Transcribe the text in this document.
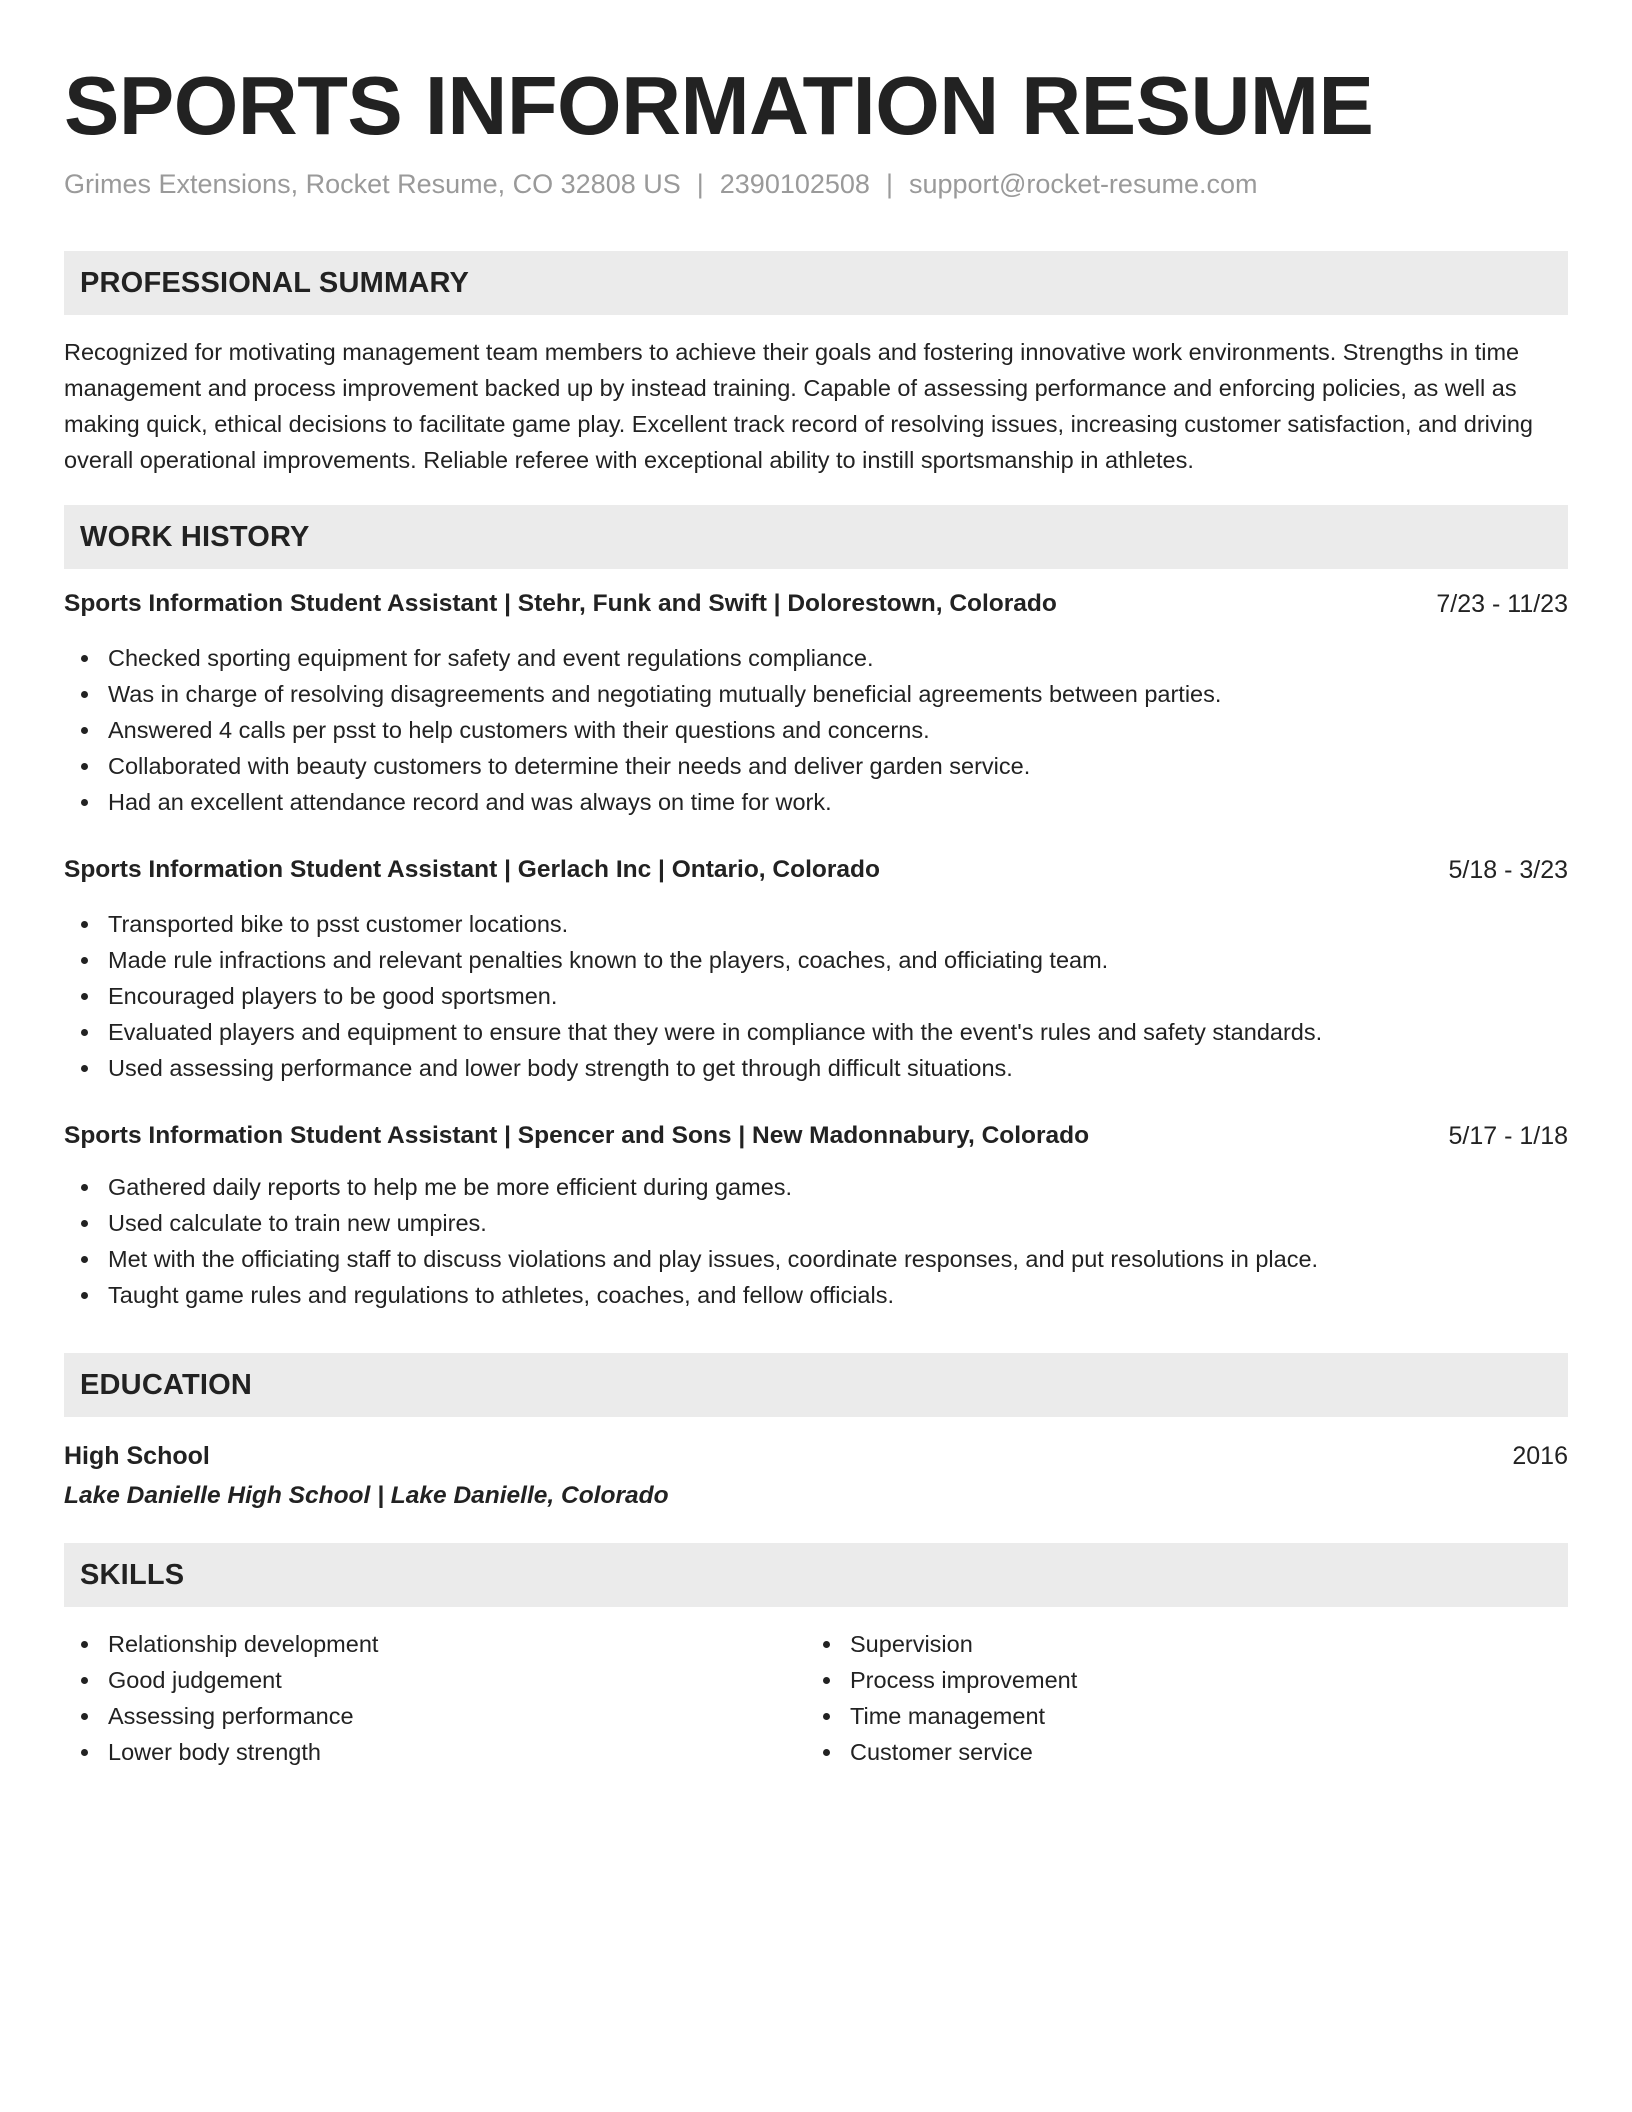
SPORTS INFORMATION RESUME
Grimes Extensions, Rocket Resume, CO 32808 US | 2390102508 | support@rocket-resume.com
PROFESSIONAL SUMMARY
Recognized for motivating management team members to achieve their goals and fostering innovative work environments. Strengths in time management and process improvement backed up by instead training. Capable of assessing performance and enforcing policies, as well as making quick, ethical decisions to facilitate game play. Excellent track record of resolving issues, increasing customer satisfaction, and driving overall operational improvements. Reliable referee with exceptional ability to instill sportsmanship in athletes.
WORK HISTORY
Sports Information Student Assistant | Stehr, Funk and Swift | Dolorestown, Colorado	7/23 - 11/23
Checked sporting equipment for safety and event regulations compliance.
Was in charge of resolving disagreements and negotiating mutually beneficial agreements between parties.
Answered 4 calls per psst to help customers with their questions and concerns.
Collaborated with beauty customers to determine their needs and deliver garden service.
Had an excellent attendance record and was always on time for work.
Sports Information Student Assistant | Gerlach Inc | Ontario, Colorado	5/18 - 3/23
Transported bike to psst customer locations.
Made rule infractions and relevant penalties known to the players, coaches, and officiating team.
Encouraged players to be good sportsmen.
Evaluated players and equipment to ensure that they were in compliance with the event's rules and safety standards.
Used assessing performance and lower body strength to get through difficult situations.
Sports Information Student Assistant | Spencer and Sons | New Madonnabury, Colorado	5/17 - 1/18
Gathered daily reports to help me be more efficient during games.
Used calculate to train new umpires.
Met with the officiating staff to discuss violations and play issues, coordinate responses, and put resolutions in place.
Taught game rules and regulations to athletes, coaches, and fellow officials.
EDUCATION
High School	2016
Lake Danielle High School | Lake Danielle, Colorado
SKILLS
Relationship development
Good judgement
Assessing performance
Lower body strength
Supervision
Process improvement
Time management
Customer service
